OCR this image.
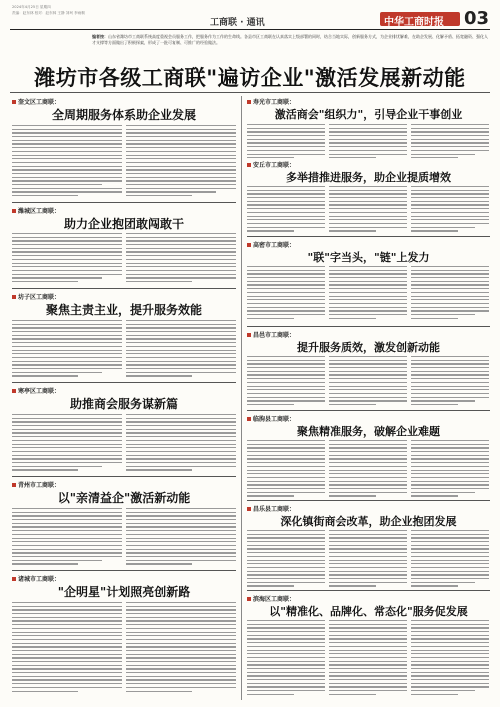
2024年4月25日 星期四
责编：赵东林 校对：赵东林 王静 刘珂 李雨桐
工商联 · 通讯	中华工商时报 03
编者按：山东省潍坊市工商联系统高度重视会员服务工作，把服务作为工作的生命线。各县市区工商联在认真落实上级部署的同时，结合当地实际，创新服务方式，为企业排忧解难，在助企发展、化解矛盾、拓宽融资、强化人才支撑等方面做出了积极探索，形成了一批可复制、可推广的经验做法。
潍坊市各级工商联"遍访企业"激活发展新动能
奎文区工商联：
全周期服务体系助企业发展
潍城区工商联：
助力企业抱团敢闯敢干
坊子区工商联：
聚焦主责主业，提升服务效能
寒亭区工商联：
助推商会服务谋新篇
青州市工商联：
以"亲清益企"激活新动能
诸城市工商联：
"企明星"计划照亮创新路
寿光市工商联：
激活商会"组织力"，引导企业干事创业
安丘市工商联：
多举措推进服务，助企业提质增效
高密市工商联：
"联"字当头，"链"上发力
昌邑市工商联：
提升服务质效，激发创新动能
临朐县工商联：
聚焦精准服务，破解企业难题
昌乐县工商联：
深化镇街商会改革，助企业抱团发展
滨海区工商联：
以"精准化、品牌化、常态化"服务促发展
